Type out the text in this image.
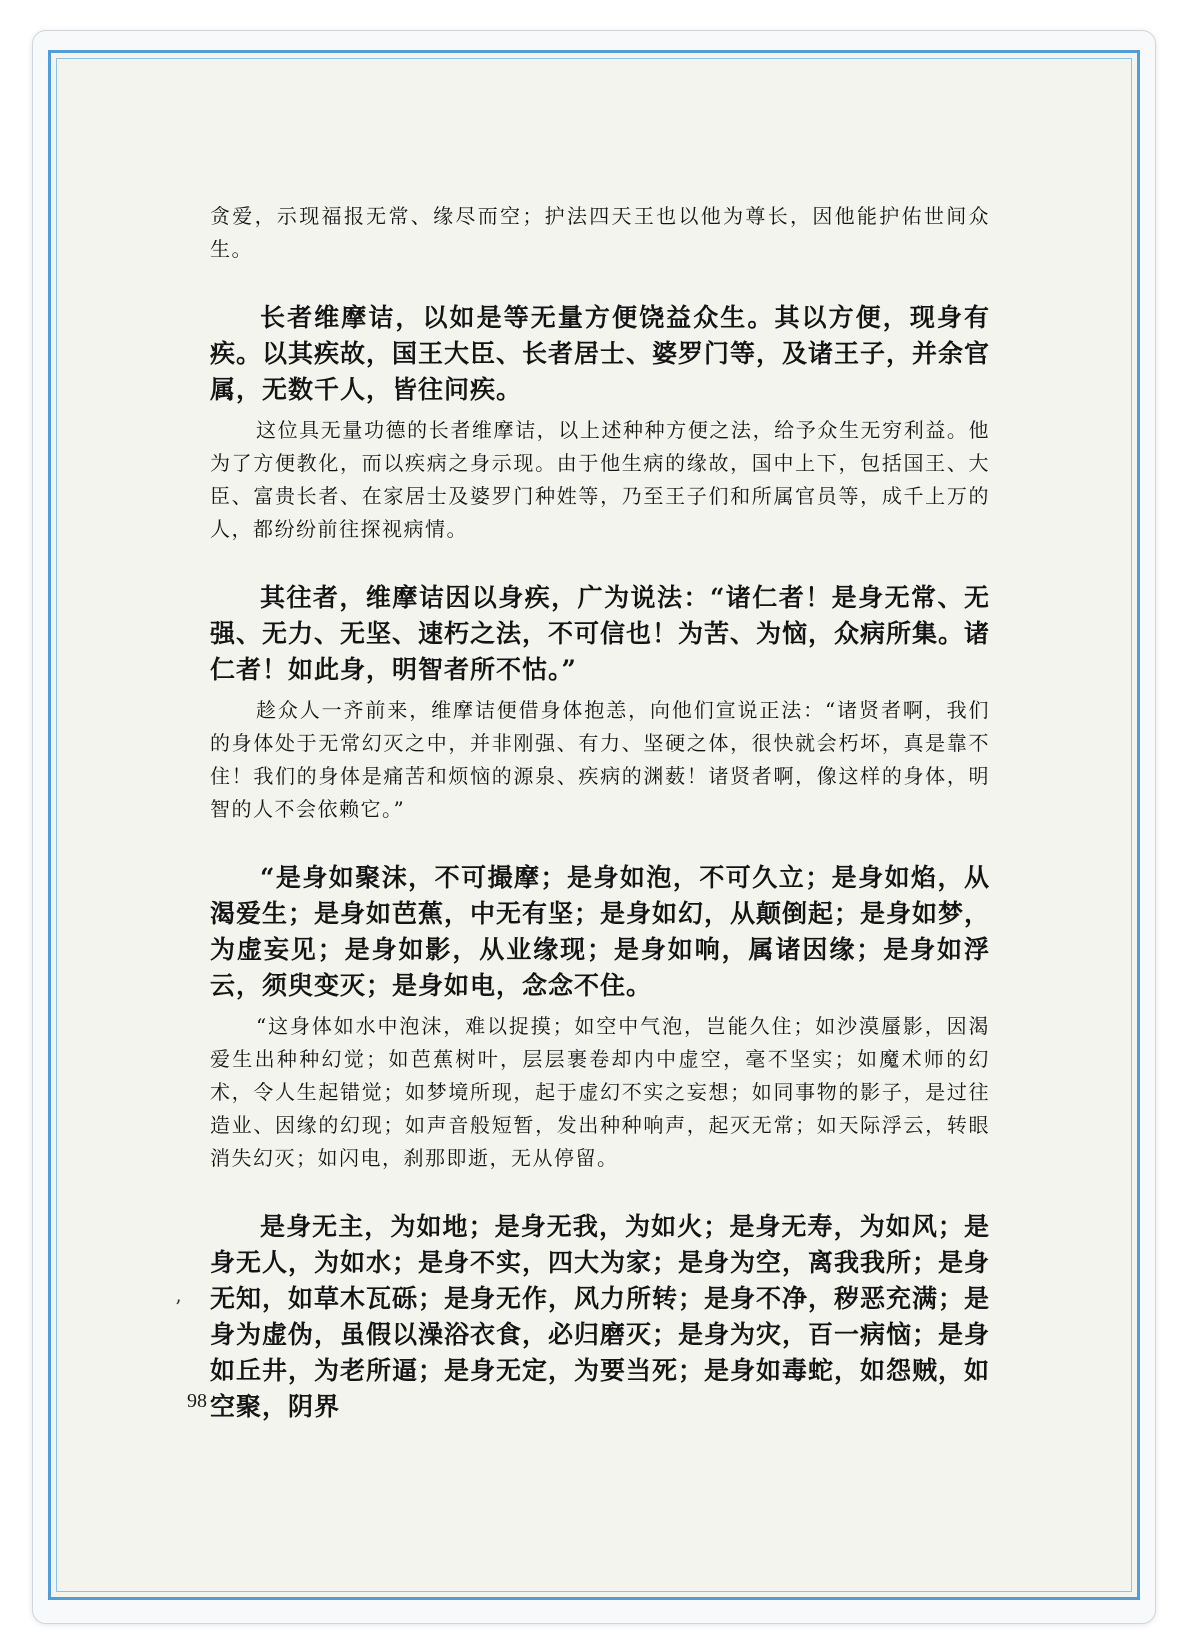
贪爱，示现福报无常、缘尽而空；护法四天王也以他为尊长，因他能护佑世间众生。

长者维摩诘，以如是等无量方便饶益众生。其以方便，现身有疾。以其疾故，国王大臣、长者居士、婆罗门等，及诸王子，并余官属，无数千人，皆往问疾。

这位具无量功德的长者维摩诘，以上述种种方便之法，给予众生无穷利益。他为了方便教化，而以疾病之身示现。由于他生病的缘故，国中上下，包括国王、大臣、富贵长者、在家居士及婆罗门种姓等，乃至王子们和所属官员等，成千上万的人，都纷纷前往探视病情。

其往者，维摩诘因以身疾，广为说法：“诸仁者！是身无常、无强、无力、无坚、速朽之法，不可信也！为苦、为恼，众病所集。诸仁者！如此身，明智者所不怙。”

趁众人一齐前来，维摩诘便借身体抱恙，向他们宣说正法：“诸贤者啊，我们的身体处于无常幻灭之中，并非刚强、有力、坚硬之体，很快就会朽坏，真是靠不住！我们的身体是痛苦和烦恼的源泉、疾病的渊薮！诸贤者啊，像这样的身体，明智的人不会依赖它。”

“是身如聚沫，不可撮摩；是身如泡，不可久立；是身如焰，从渴爱生；是身如芭蕉，中无有坚；是身如幻，从颠倒起；是身如梦，为虚妄见；是身如影，从业缘现；是身如响，属诸因缘；是身如浮云，须臾变灭；是身如电，念念不住。

“这身体如水中泡沫，难以捉摸；如空中气泡，岂能久住；如沙漠蜃影，因渴爱生出种种幻觉；如芭蕉树叶，层层裹卷却内中虚空，毫不坚实；如魔术师的幻术，令人生起错觉；如梦境所现，起于虚幻不实之妄想；如同事物的影子，是过往造业、因缘的幻现；如声音般短暂，发出种种响声，起灭无常；如天际浮云，转眼消失幻灭；如闪电，刹那即逝，无从停留。

是身无主，为如地；是身无我，为如火；是身无寿，为如风；是身无人，为如水；是身不实，四大为家；是身为空，离我我所；是身无知，如草木瓦砾；是身无作，风力所转；是身不净，秽恶充满；是身为虚伪，虽假以澡浴衣食，必归磨灭；是身为灾，百一病恼；是身如丘井，为老所逼；是身无定，为要当死；是身如毒蛇，如怨贼，如空聚，阴界

’
98
